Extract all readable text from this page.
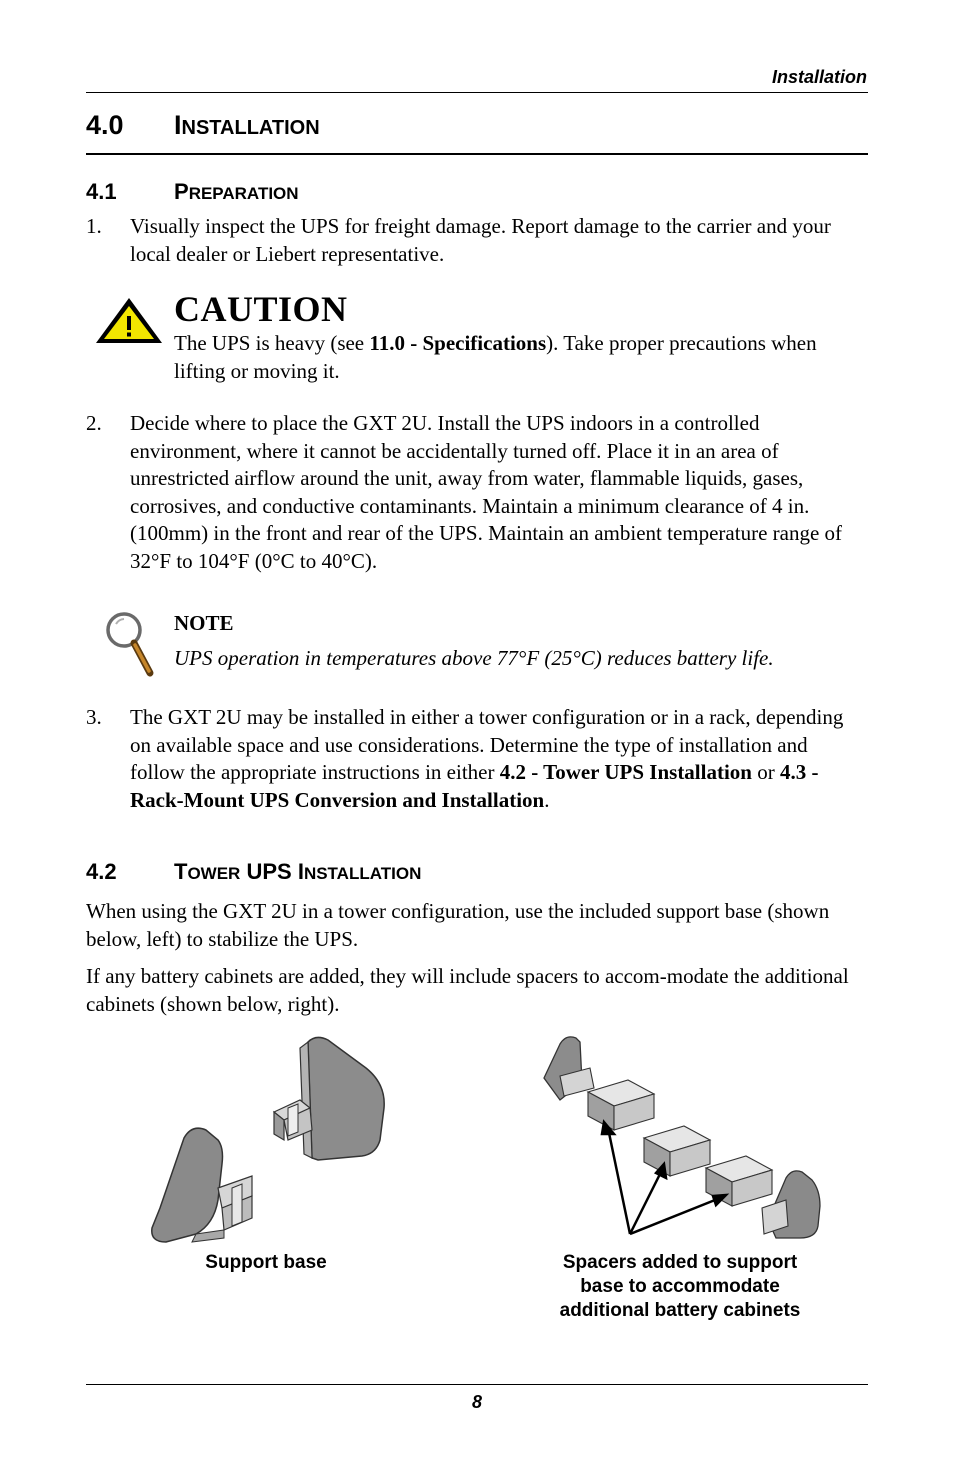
Installation
4.0 INSTALLATION
4.1	PREPARATION
1. Visually inspect the UPS for freight damage. Report damage to the carrier and your local dealer or Liebert representative.
CAUTION
The UPS is heavy (see 11.0 - Specifications). Take proper precautions when lifting or moving it.
2. Decide where to place the GXT 2U. Install the UPS indoors in a controlled environment, where it cannot be accidentally turned off. Place it in an area of unrestricted airflow around the unit, away from water, flammable liquids, gases, corrosives, and conductive contaminants. Maintain a minimum clearance of 4 in. (100mm) in the front and rear of the UPS. Maintain an ambient temperature range of 32°F to 104°F (0°C to 40°C).
NOTE
UPS operation in temperatures above 77°F (25°C) reduces battery life.
3. The GXT 2U may be installed in either a tower configuration or in a rack, depending on available space and use considerations. Determine the type of installation and follow the appropriate instructions in either 4.2 - Tower UPS Installation or 4.3 - Rack-Mount UPS Conversion and Installation.
4.2	TOWER UPS INSTALLATION
When using the GXT 2U in a tower configuration, use the included support base (shown below, left) to stabilize the UPS.
If any battery cabinets are added, they will include spacers to accom-modate the additional cabinets (shown below, right).
Support base	Spacers added to support
base to accommodate
additional battery cabinets
8
